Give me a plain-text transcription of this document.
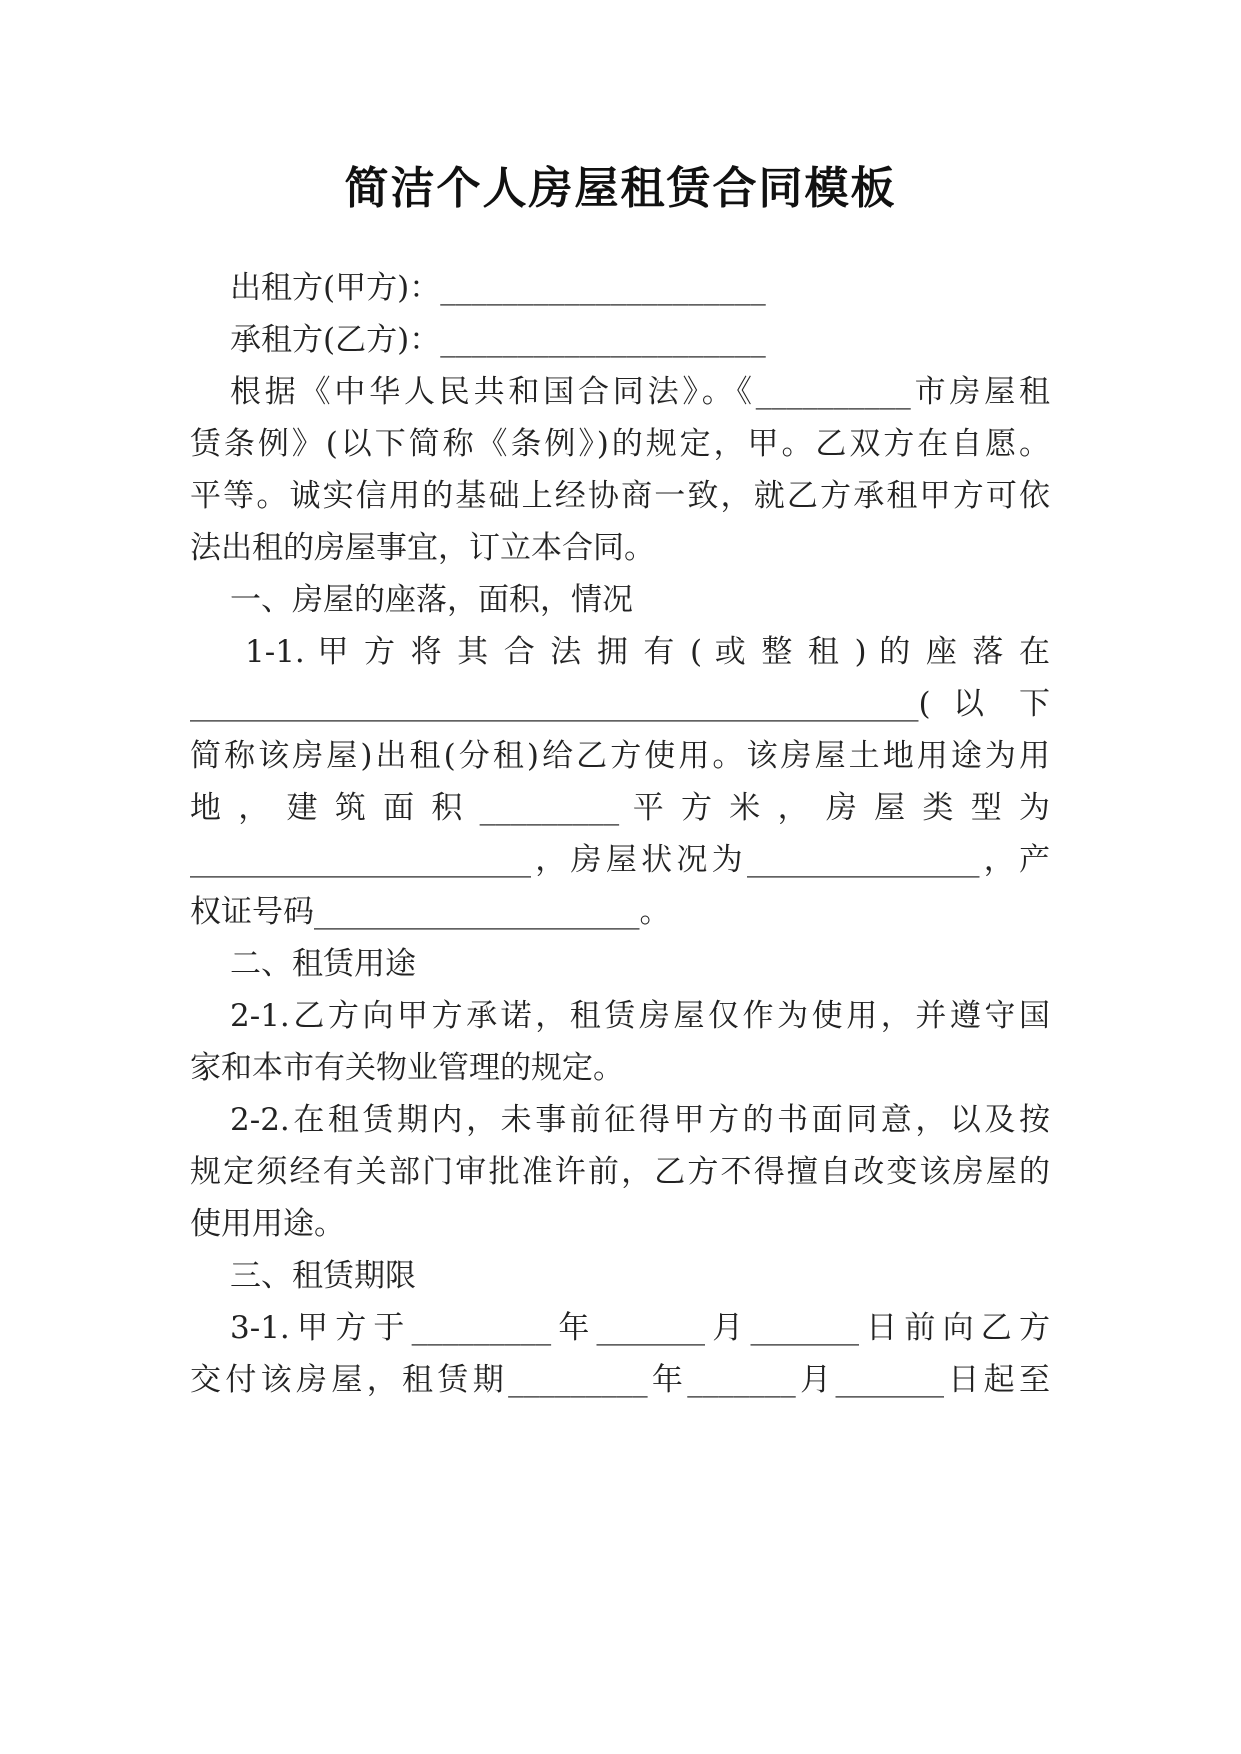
简洁个人房屋租赁合同模板
出租方(甲方)：_____________________
承租方(乙方)：_____________________
根据《中华人民共和国合同法》。《__________市房屋租
赁条例》(以下简称《条例》)的规定，甲。乙双方在自愿。
平等。诚实信用的基础上经协商一致，就乙方承租甲方可依
法出租的房屋事宜，订立本合同。
一、房屋的座落，面积，情况
1-1. 甲 方 将 其 合 法 拥 有 ( 或 整 租 ) 的 座 落 在
_______________________________________________( 以 下
简称该房屋)出租(分租)给乙方使用。该房屋土地用途为用
地 ， 建 筑 面 积 _________ 平 方 米 ， 房 屋 类 型 为
______________________，房屋状况为_______________，产
权证号码_____________________。
二、租赁用途
2-1.乙方向甲方承诺，租赁房屋仅作为使用，并遵守国
家和本市有关物业管理的规定。
2-2.在租赁期内，未事前征得甲方的书面同意，以及按
规定须经有关部门审批准许前，乙方不得擅自改变该房屋的
使用用途。
三、租赁期限
3-1.甲方于_________年_______月_______日前向乙方
交付该房屋，租赁期_________年_______月_______日起至
